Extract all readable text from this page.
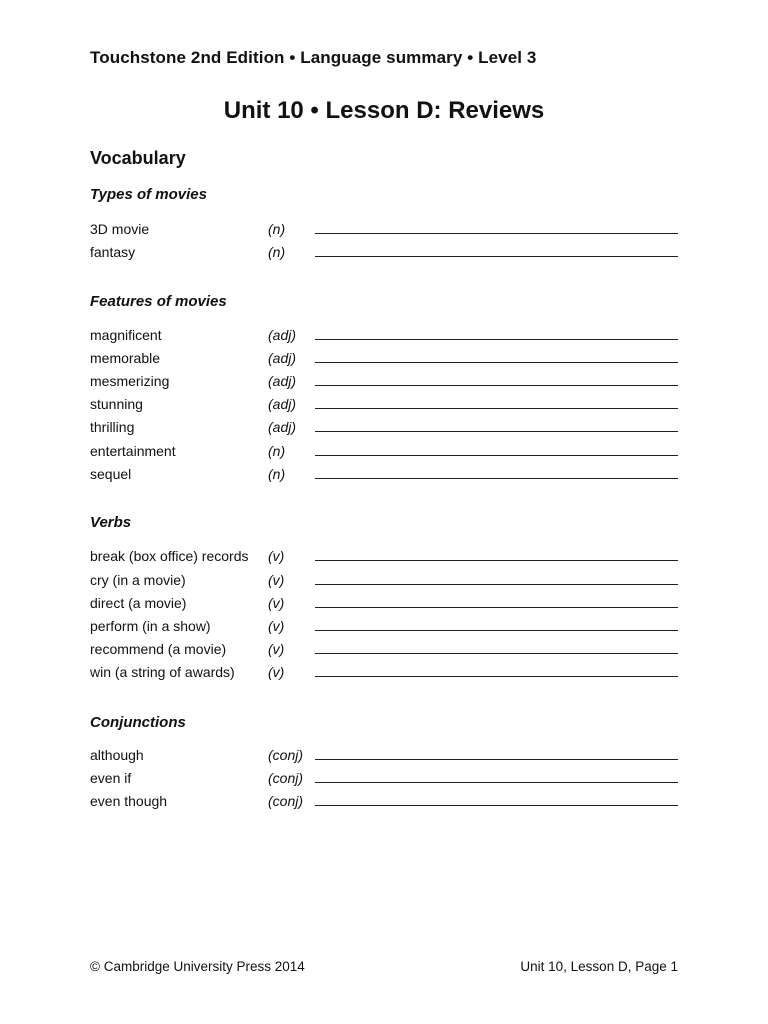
Touchstone 2nd Edition • Language summary • Level 3
Unit 10 • Lesson D: Reviews
Vocabulary
Types of movies
3D movie	(n)
fantasy	(n)
Features of movies
magnificent	(adj)
memorable	(adj)
mesmerizing	(adj)
stunning	(adj)
thrilling	(adj)
entertainment	(n)
sequel	(n)
Verbs
break (box office) records (v)
cry (in a movie)	(v)
direct (a movie)	(v)
perform (in a show)	(v)
recommend (a movie)	(v)
win (a string of awards) (v)
Conjunctions
although	(conj)
even if	(conj)
even though	(conj)
© Cambridge University Press 2014	Unit 10, Lesson D, Page 1
